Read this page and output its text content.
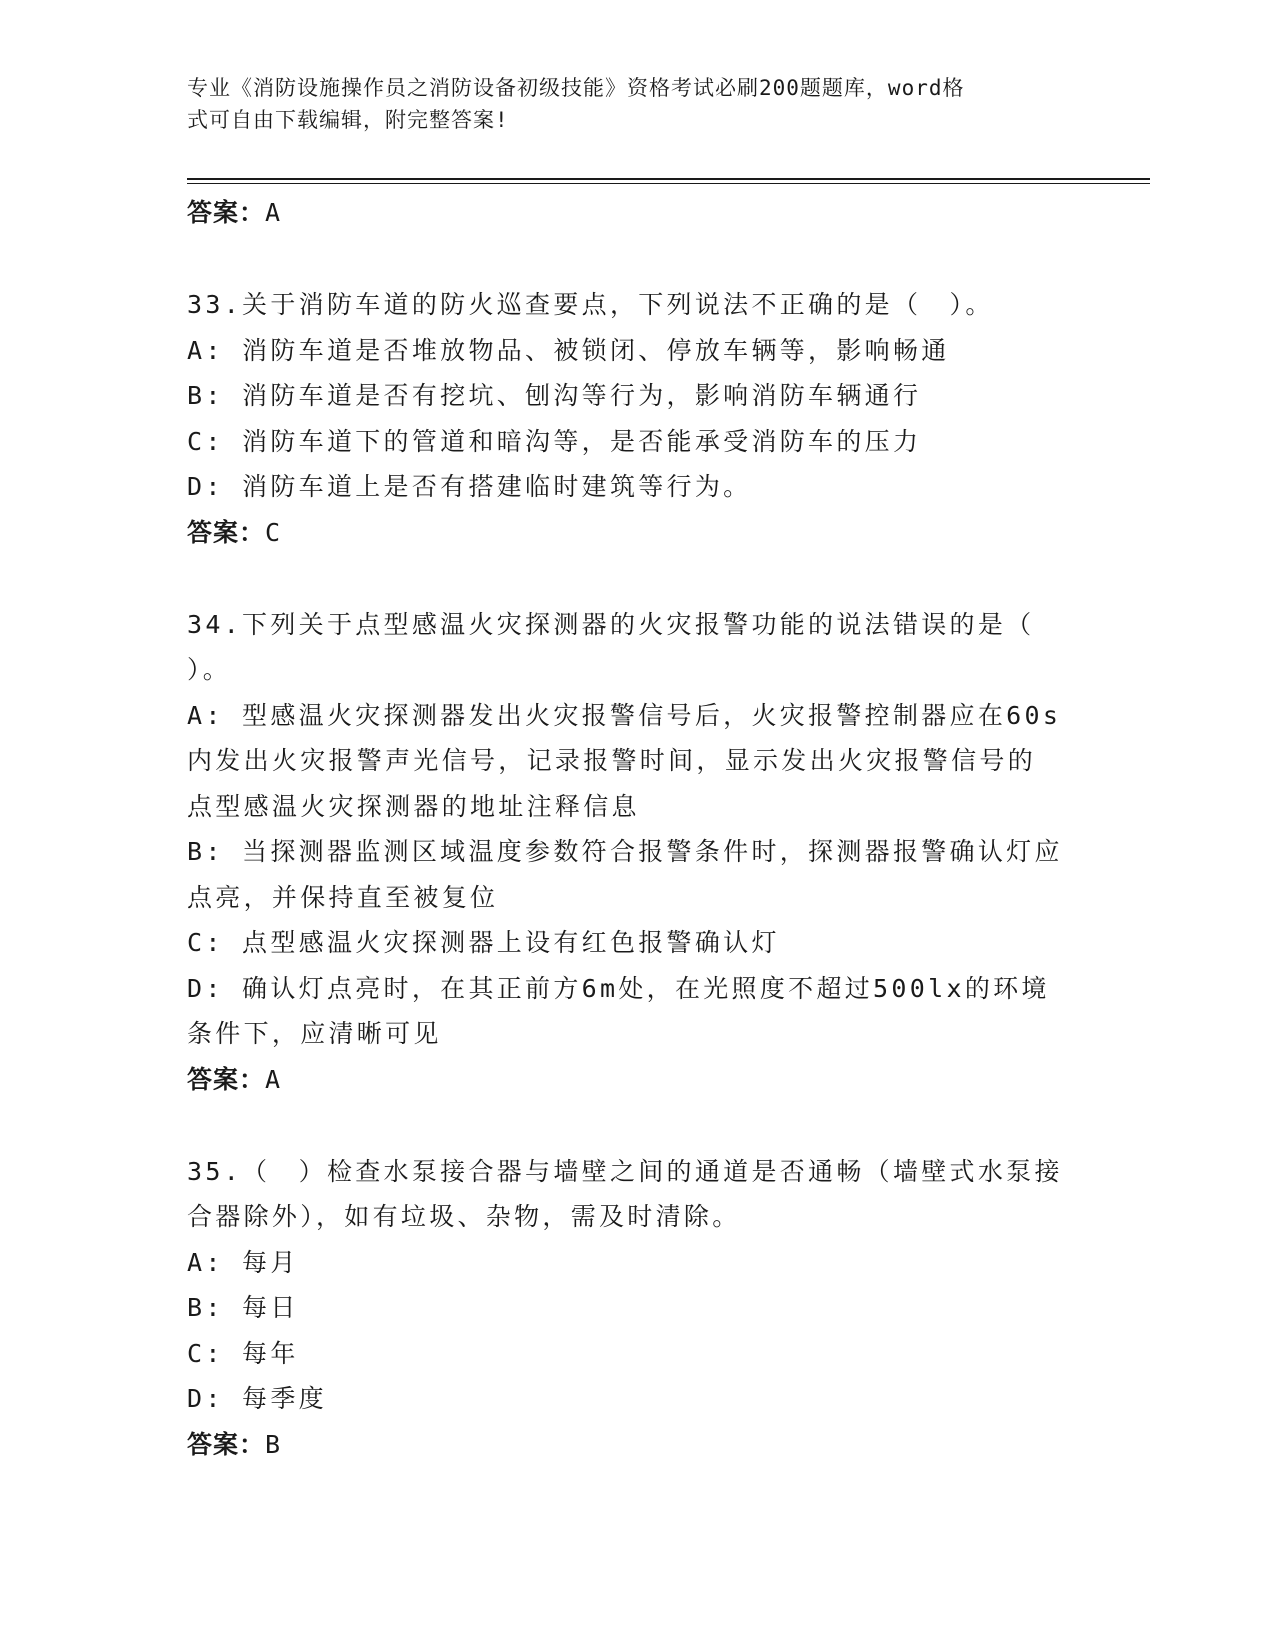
专业《消防设施操作员之消防设备初级技能》资格考试必刷200题题库，word格
式可自由下载编辑，附完整答案!
答案：A
33.关于消防车道的防火巡查要点，下列说法不正确的是（　）。
A: 消防车道是否堆放物品、被锁闭、停放车辆等，影响畅通
B: 消防车道是否有挖坑、刨沟等行为，影响消防车辆通行
C: 消防车道下的管道和暗沟等，是否能承受消防车的压力
D: 消防车道上是否有搭建临时建筑等行为。
答案：C
34.下列关于点型感温火灾探测器的火灾报警功能的说法错误的是（
）。
A: 型感温火灾探测器发出火灾报警信号后，火灾报警控制器应在60s
内发出火灾报警声光信号，记录报警时间，显示发出火灾报警信号的
点型感温火灾探测器的地址注释信息
B: 当探测器监测区域温度参数符合报警条件时，探测器报警确认灯应
点亮，并保持直至被复位
C: 点型感温火灾探测器上设有红色报警确认灯
D: 确认灯点亮时，在其正前方6m处，在光照度不超过500lx的环境
条件下，应清晰可见
答案：A
35.（　）检查水泵接合器与墙壁之间的通道是否通畅（墙壁式水泵接
合器除外），如有垃圾、杂物，需及时清除。
A: 每月
B: 每日
C: 每年
D: 每季度
答案：B
